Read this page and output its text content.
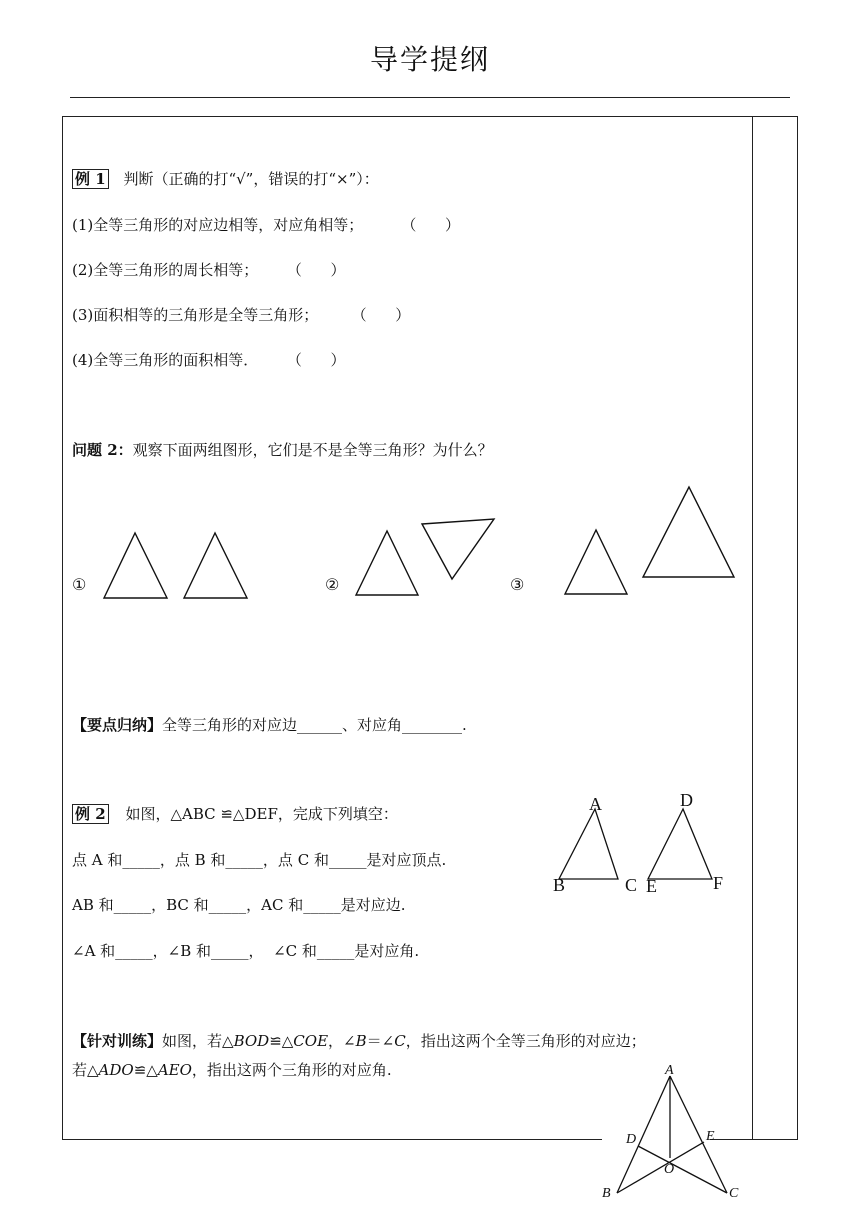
导学提纲
例 1 判断（正确的打“√”，错误的打“×”）：
(1)全等三角形的对应边相等，对应角相等；        （      ）
(2)全等三角形的周长相等；      （      ）
(3)面积相等的三角形是全等三角形；       （      ）
(4)全等三角形的面积相等．      （      ）
问题 2：观察下面两组图形，它们是不是全等三角形？为什么？
①	②	③
【要点归纳】全等三角形的对应边______、对应角________.
例 2 如图，△ABC ≌△DEF，完成下列填空：
点 A 和_____，点 B 和_____，点 C 和_____是对应顶点.
AB 和_____，BC 和_____，AC 和_____是对应边.
∠A 和_____，∠B 和_____，  ∠C 和_____是对应角.
A
B	C
D
E	F
【针对训练】如图，若△BOD≌△COE，∠B＝∠C，指出这两个全等三角形的对应边；
若△ADO≌△AEO，指出这两个三角形的对应角.	A
D	E
O
B	C
